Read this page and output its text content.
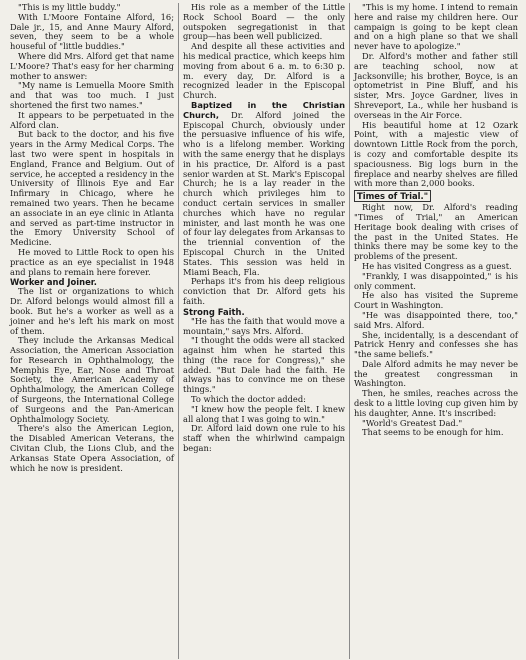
"This is my little buddy."

With L'Moore Fontaine Alford, 16; Dale jr., 15, and Anne Maury Alford, seven, they seem to be a whole houseful of "little buddies."

Where did Mrs. Alford get that name L'Moore? That's easy for her charming mother to answer:

"My name is Lemuella Moore Smith and that was too much. I just shortened the first two names."

It appears to be perpetuated in the Alford clan.

But back to the doctor, and his five years in the Army Medical Corps. The last two were spent in hospitals in England, France and Belgium. Out of service, he accepted a residency in the University of Illinois Eye and Ear Infirmary in Chicago, where he remained two years. Then he became an associate in an eye clinic in Atlanta and served as part-time instructor in the Emory University School of Medicine.

He moved to Little Rock to open his practice as an eye specialist in 1948 and plans to remain here forever.

Worker and Joiner.

The list or organizations to which Dr. Alford belongs would almost fill a book. But he's a worker as well as a joiner and he's left his mark on most of them.

They include the Arkansas Medical Association, the American Association for Research in Ophthalmology, the Memphis Eye, Ear, Nose and Throat Society, the American Academy of Ophthalmology, the American College of Surgeons, the International College of Surgeons and the Pan-American Ophthalmology Society.

There's also the American Legion, the Disabled American Veterans, the Civitan Club, the Lions Club, and the Arkansas State Opera Association, of which he now is president.

His role as a member of the Little Rock School Board — the only outspoken segregationist in that group—has been well publicized.

And despite all these activities and his medical practice, which keeps him moving from about 6 a. m. to 6:30 p. m. every day, Dr. Alford is a recognized leader in the Episcopal Church.

Baptized in the Christian Church, Dr. Alford joined the Episcopal Church, obviously under the persuasive influence of his wife, who is a lifelong member. Working with the same energy that he displays in his practice, Dr. Alford is a past senior warden at St. Mark's Episcopal Church; he is a lay reader in the church which privileges him to conduct certain services in smaller churches which have no regular minister, and last month he was one of four lay delegates from Arkansas to the triennial convention of the Episcopal Church in the United States. This session was held in Miami Beach, Fla.

Perhaps it's from his deep religious conviction that Dr. Alford gets his faith.

Strong Faith.

"He has the faith that would move a mountain," says Mrs. Alford.

"I thought the odds were all stacked against him when he started this thing (the race for Congress)," she added. "But Dale had the faith. He always has to convince me on these things."

To which the doctor added:

"I knew how the people felt. I knew all along that I was going to win."

Dr. Alford laid down one rule to his staff when the whirlwind campaign began:

"This is my home. I intend to remain here and raise my children here. Our campaign is going to be kept clean and on a high plane so that we shall never have to apologize."

Dr. Alford's mother and father still are teaching school, now at Jacksonville; his brother, Boyce, is an optometrist in Pine Bluff, and his sister, Mrs. Joyce Gardner, lives in Shreveport, La., while her husband is overseas in the Air Force.

His beautiful home at 12 Ozark Point, with a majestic view of downtown Little Rock from the porch, is cozy and comfortable despite its spaciousness. Big logs burn in the fireplace and nearby shelves are filled with more than 2,000 books.

Times of Trial."

Right now, Dr. Alford's reading "Times of Trial," an American Heritage book dealing with crises of the past in the United States. He thinks there may be some key to the problems of the present.

He has visited Congress as a guest.

"Frankly, I was disappointed," is his only comment.

He also has visited the Supreme Court in Washington.

"He was disappointed there, too," said Mrs. Alford.

She, incidentally, is a descendant of Patrick Henry and confesses she has "the same beliefs."

Dale Alford admits he may never be the greatest congressman in Washington.

Then, he smiles, reaches across the desk to a little loving cup given him by his daughter, Anne. It's inscribed:

"World's Greatest Dad."

That seems to be enough for him.
